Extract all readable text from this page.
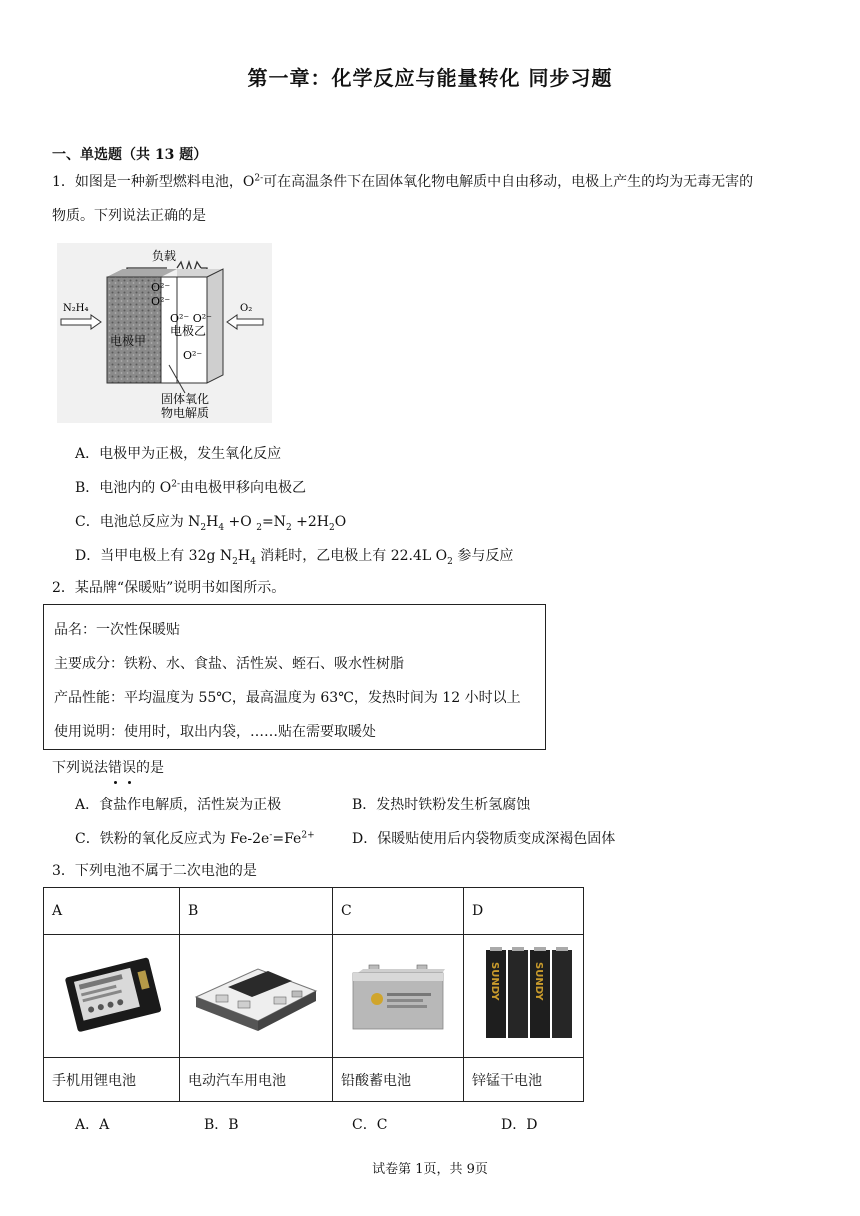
第一章：化学反应与能量转化 同步习题
一、单选题（共 13 题）
1．如图是一种新型燃料电池，$O^{2-}$可在高温条件下在固体氧化物电解质中自由移动，电极上产生的均为无毒无害的
物质。下列说法正确的是
负载
电极甲
O²⁻
O²⁻
O²⁻ O²⁻
电极乙
O²⁻
N₂H₄	O₂
固体氧化
物电解质
A．电极甲为正极，发生氧化反应
B．电池内的 $O^{2-}$由电极甲移向电极乙
C．电池总反应为 $N_2H_4 +O$ $_2=N_2 +2H_2O$
D．当甲电极上有 32g $N_2H_4$ 消耗时，乙电极上有 22.4L $O_2$ 参与反应
2．某品牌“保暖贴”说明书如图所示。
品名：一次性保暖贴
主要成分：铁粉、水、食盐、活性炭、蛭石、吸水性树脂
产品性能：平均温度为 55℃，最高温度为 63℃，发热时间为 12 小时以上
使用说明：使用时，取出内袋，……贴在需要取暖处
下列说法错误的是
A．食盐作电解质，活性炭为正极	B．发热时铁粉发生析氢腐蚀
C．铁粉的氧化反应式为 $Fe-2e^-=Fe^{2+}$	D．保暖贴使用后内袋物质变成深褐色固体
3．下列电池不属于二次电池的是
A	B	C	D

SUNDY SUNDY

手机用锂电池	电动汽车用电池	铅酸蓄电池	锌锰干电池
A．A	B．B	C．C	D．D
试卷第 1页，共 9页
